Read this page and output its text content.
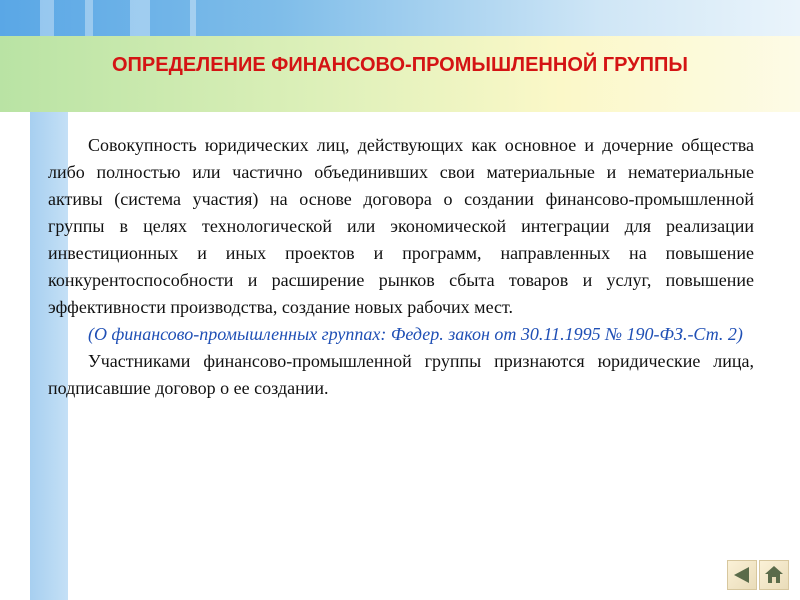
ОПРЕДЕЛЕНИЕ ФИНАНСОВО-ПРОМЫШЛЕННОЙ ГРУППЫ

Совокупность юридических лиц, действующих как основное и дочерние общества либо полностью или частично объединивших свои материальные и нематериальные активы (система участия) на основе договора о создании финансово-промышленной группы в целях технологической или экономической интеграции для реализации инвестиционных и иных проектов и программ, направленных на повышение конкурентоспособности и расширение рынков сбыта товаров и услуг, повышение эффективности производства, создание новых рабочих мест.

(О финансово-промышленных группах: Федер. закон от 30.11.1995 № 190-ФЗ.-Ст. 2)

Участниками финансово-промышленной группы признаются юридические лица, подписавшие договор о ее создании.
